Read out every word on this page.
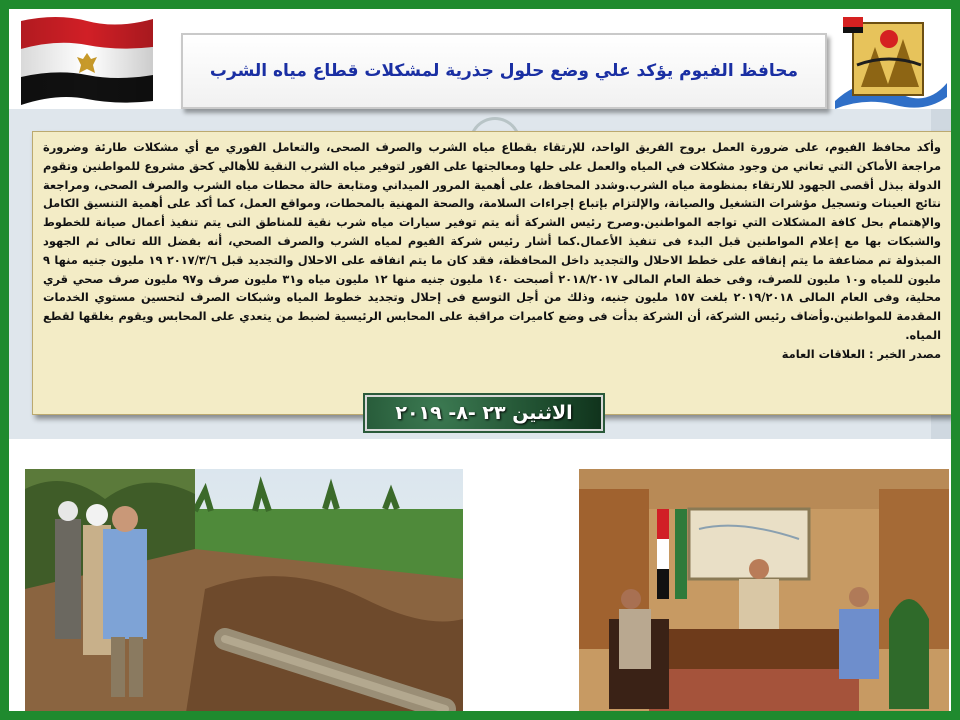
محافظ الفيوم يؤكد علي وضع حلول جذرية لمشكلات قطاع مياه الشرب

وأكد محافظ الفيوم، على ضرورة العمل بروح الفريق الواحد، للإرتقاء بقطاع مياه الشرب والصرف الصحى، والتعامل الفوري مع أي مشكلات طارئة وضرورة مراجعة الأماكن التي تعاني من وجود مشكلات في المياه والعمل على حلها ومعالجتها على الفور لتوفير مياه الشرب النقية للأهالي كحق مشروع للمواطنين وتقوم الدولة ببذل أقصى الجهود للارتقاء بمنظومة مياه الشرب.وشدد المحافظ، على أهمية المرور الميداني ومتابعة حالة محطات مياه الشرب والصرف الصحى، ومراجعة نتائج العينات وتسجيل مؤشرات التشغيل والصيانة، والإلتزام بإتباع إجراءات السلامة، والصحة المهنية بالمحطات، ومواقع العمل، كما أكد على أهمية التنسيق الكامل والإهتمام بحل كافة المشكلات التي تواجه المواطنين.وصرح رئيس الشركة أنه يتم توفير سيارات مياه شرب نقية للمناطق التى يتم تنفيذ أعمال صيانة للخطوط والشبكات بها مع إعلام المواطنين قبل البدء فى تنفيذ الأعمال.كما أشار رئيس شركة الفيوم لمياه الشرب والصرف الصحي، أنه بفضل الله تعالى ثم الجهود المبذولة تم مضاعفة ما يتم إنفاقه على خطط الاحلال والتجديد داخل المحافظة، فقد كان ما يتم انفاقه على الاحلال والتجديد قبل ٢٠١٧/٣/٦ ١٩ مليون جنيه منها ٩ مليون للمياه و١٠ مليون للصرف، وفى خطة العام المالى ٢٠١٨/٢٠١٧ أصبحت ١٤٠ مليون جنيه منها ١٢ مليون مياه و٣١ مليون صرف و٩٧ مليون صرف صحي قري محلية، وفى العام المالى ٢٠١٩/٢٠١٨ بلغت ١٥٧ مليون جنيه، وذلك من أجل التوسع فى إحلال وتجديد خطوط المياه وشبكات الصرف لتحسين مستوي الخدمات المقدمة للمواطنين.وأضاف رئيس الشركة، أن الشركة بدأت فى وضع كاميرات مراقبة على المحابس الرئيسية لضبط من يتعدي على المحابس ويقوم بغلقها لقطع المياه.

مصدر الخبر : العلاقات العامة

الاثنين ٢٣ -٨- ٢٠١٩
